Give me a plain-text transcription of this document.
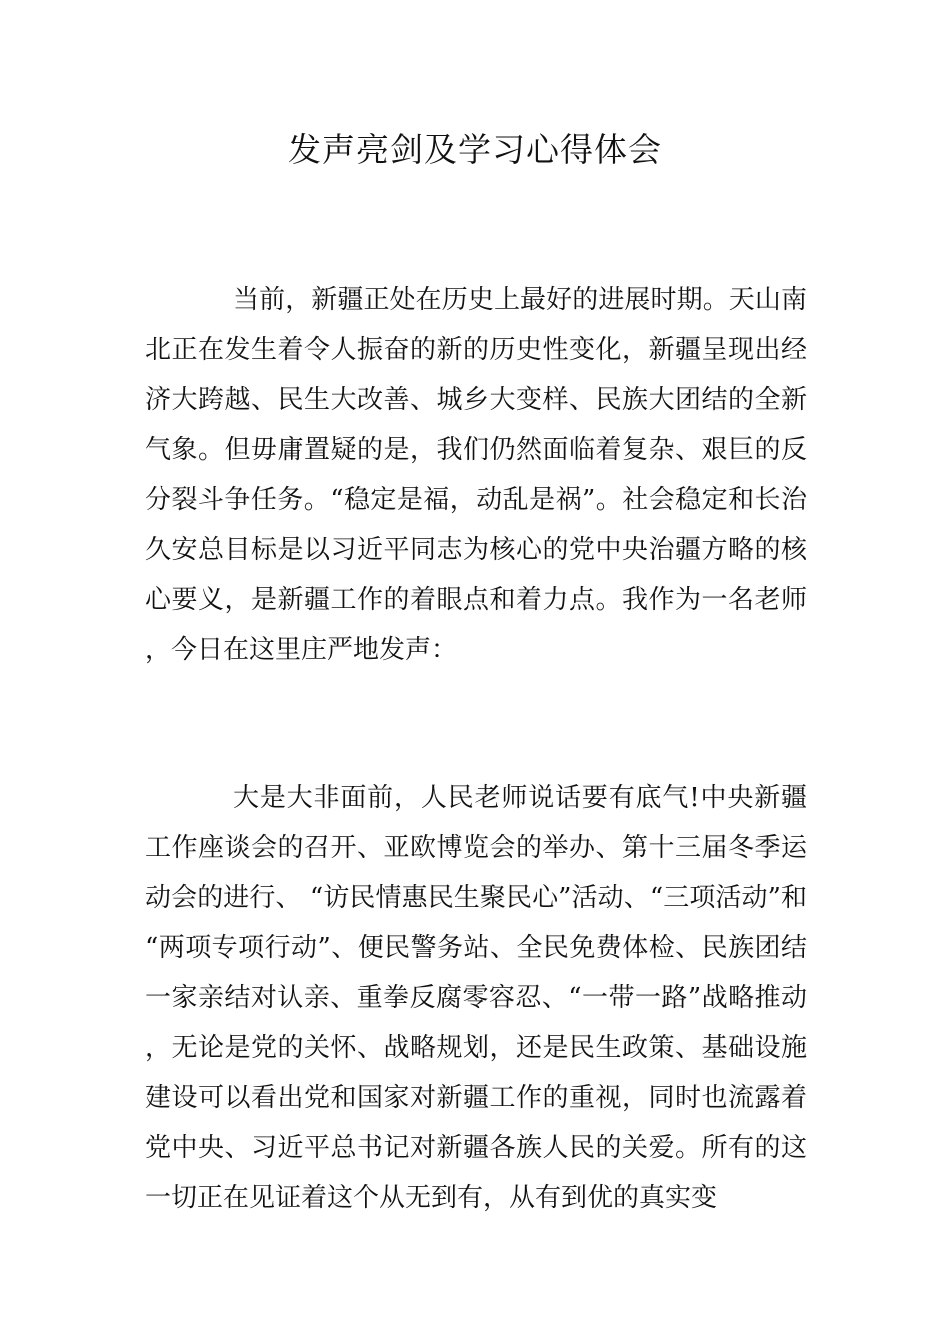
发声亮剑及学习心得体会

当前，新疆正处在历史上最好的进展时期。天山南北正在发生着令人振奋的新的历史性变化，新疆呈现出经济大跨越、民生大改善、城乡大变样、民族大团结的全新气象。但毋庸置疑的是，我们仍然面临着复杂、艰巨的反分裂斗争任务。“稳定是福，动乱是祸”。社会稳定和长治久安总目标是以习近平同志为核心的党中央治疆方略的核心要义，是新疆工作的着眼点和着力点。我作为一名老师，今日在这里庄严地发声：

大是大非面前，人民老师说话要有底气!中央新疆工作座谈会的召开、亚欧博览会的举办、第十三届冬季运动会的进行、 “访民情惠民生聚民心”活动、“三项活动”和“两项专项行动”、便民警务站、全民免费体检、民族团结一家亲结对认亲、重拳反腐零容忍、“一带一路”战略推动，无论是党的关怀、战略规划，还是民生政策、基础设施建设可以看出党和国家对新疆工作的重视，同时也流露着党中央、习近平总书记对新疆各族人民的关爱。所有的这一切正在见证着这个从无到有，从有到优的真实变
